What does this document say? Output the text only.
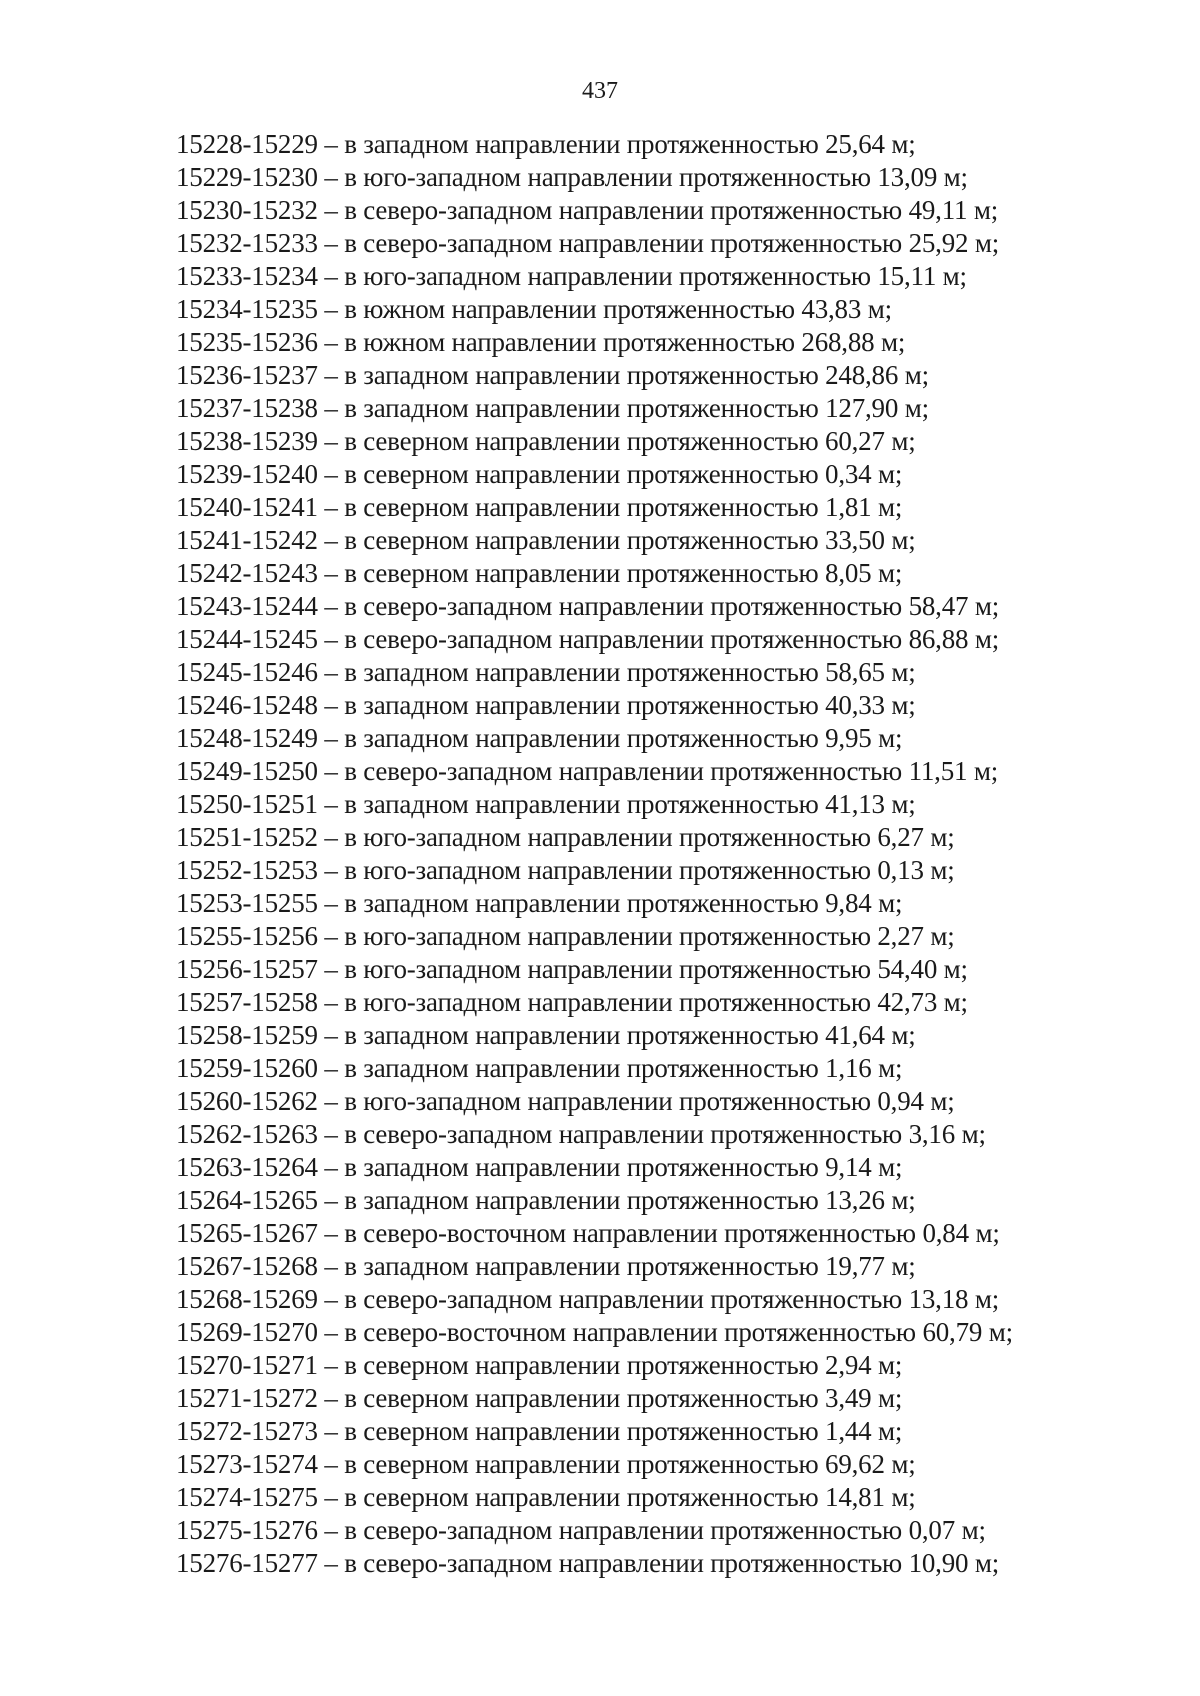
437
15228-15229 – в западном направлении протяженностью 25,64 м;
15229-15230 – в юго-западном направлении протяженностью 13,09 м;
15230-15232 – в северо-западном направлении протяженностью 49,11 м;
15232-15233 – в северо-западном направлении протяженностью 25,92 м;
15233-15234 – в юго-западном направлении протяженностью 15,11 м;
15234-15235 – в южном направлении протяженностью 43,83 м;
15235-15236 – в южном направлении протяженностью 268,88 м;
15236-15237 – в западном направлении протяженностью 248,86 м;
15237-15238 – в западном направлении протяженностью 127,90 м;
15238-15239 – в северном направлении протяженностью 60,27 м;
15239-15240 – в северном направлении протяженностью 0,34 м;
15240-15241 – в северном направлении протяженностью 1,81 м;
15241-15242 – в северном направлении протяженностью 33,50 м;
15242-15243 – в северном направлении протяженностью 8,05 м;
15243-15244 – в северо-западном направлении протяженностью 58,47 м;
15244-15245 – в северо-западном направлении протяженностью 86,88 м;
15245-15246 – в западном направлении протяженностью 58,65 м;
15246-15248 – в западном направлении протяженностью 40,33 м;
15248-15249 – в западном направлении протяженностью 9,95 м;
15249-15250 – в северо-западном направлении протяженностью 11,51 м;
15250-15251 – в западном направлении протяженностью 41,13 м;
15251-15252 – в юго-западном направлении протяженностью 6,27 м;
15252-15253 – в юго-западном направлении протяженностью 0,13 м;
15253-15255 – в западном направлении протяженностью 9,84 м;
15255-15256 – в юго-западном направлении протяженностью 2,27 м;
15256-15257 – в юго-западном направлении протяженностью 54,40 м;
15257-15258 – в юго-западном направлении протяженностью 42,73 м;
15258-15259 – в западном направлении протяженностью 41,64 м;
15259-15260 – в западном направлении протяженностью 1,16 м;
15260-15262 – в юго-западном направлении протяженностью 0,94 м;
15262-15263 – в северо-западном направлении протяженностью 3,16 м;
15263-15264 – в западном направлении протяженностью 9,14 м;
15264-15265 – в западном направлении протяженностью 13,26 м;
15265-15267 – в северо-восточном направлении протяженностью 0,84 м;
15267-15268 – в западном направлении протяженностью 19,77 м;
15268-15269 – в северо-западном направлении протяженностью 13,18 м;
15269-15270 – в северо-восточном направлении протяженностью 60,79 м;
15270-15271 – в северном направлении протяженностью 2,94 м;
15271-15272 – в северном направлении протяженностью 3,49 м;
15272-15273 – в северном направлении протяженностью 1,44 м;
15273-15274 – в северном направлении протяженностью 69,62 м;
15274-15275 – в северном направлении протяженностью 14,81 м;
15275-15276 – в северо-западном направлении протяженностью 0,07 м;
15276-15277 – в северо-западном направлении протяженностью 10,90 м;
